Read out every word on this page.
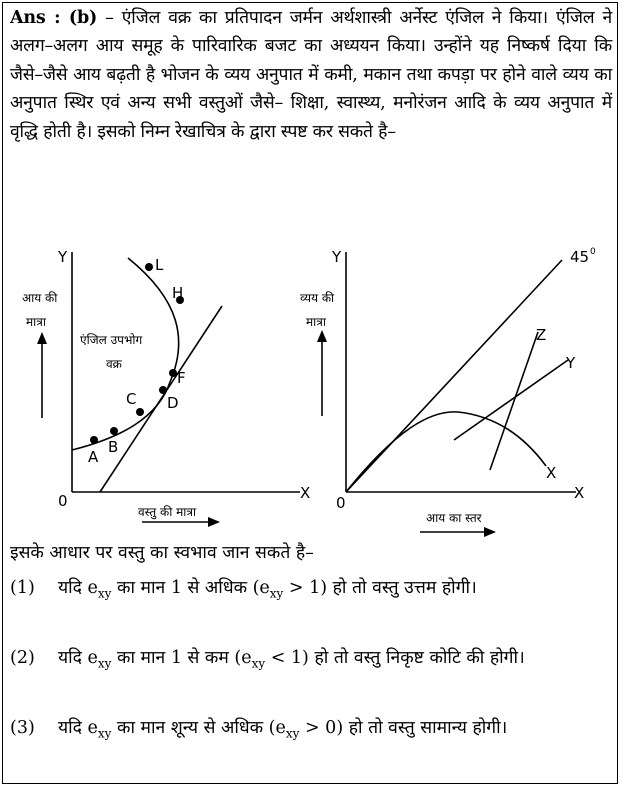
Ans : (b) – एंजिल वक्र का प्रतिपादन जर्मन अर्थशास्त्री अर्नेस्ट एंजिल ने किया। एंजिल ने अलग–अलग आय समूह के पारिवारिक बजट का अध्ययन किया। उन्होंने यह निष्कर्ष दिया कि जैसे–जैसे आय बढ़ती है भोजन के व्यय अनुपात में कमी, मकान तथा कपड़ा पर होने वाले व्यय का अनुपात स्थिर एवं अन्य सभी वस्तुओं जैसे– शिक्षा, स्वास्थ्य, मनोरंजन आदि के व्यय अनुपात में वृद्धि होती है। इसको निम्न रेखाचित्र के द्वारा स्पष्ट कर सकते है–
Y
X
0
A
B
C D
F
H
L
आय की
मात्रा
एंजिल उपभोग
वक्र
वस्तु की मात्रा
Y
X
0
45
Z
Y
X
0
व्यय की
मात्रा
आय का स्तर
इसके आधार पर वस्तु का स्वभाव जान सकते है–
(1)	यदि $e_{xy}$ का मान 1 से अधिक $(e_{xy} > 1)$ हो तो वस्तु उत्तम होगी।
(2)	यदि $e_{xy}$ का मान 1 से कम $(e_{xy} < 1)$ हो तो वस्तु निकृष्ट कोटि की होगी।
(3)	यदि $e_{xy}$ का मान शून्य से अधिक $(e_{xy} > 0)$ हो तो वस्तु सामान्य होगी।
